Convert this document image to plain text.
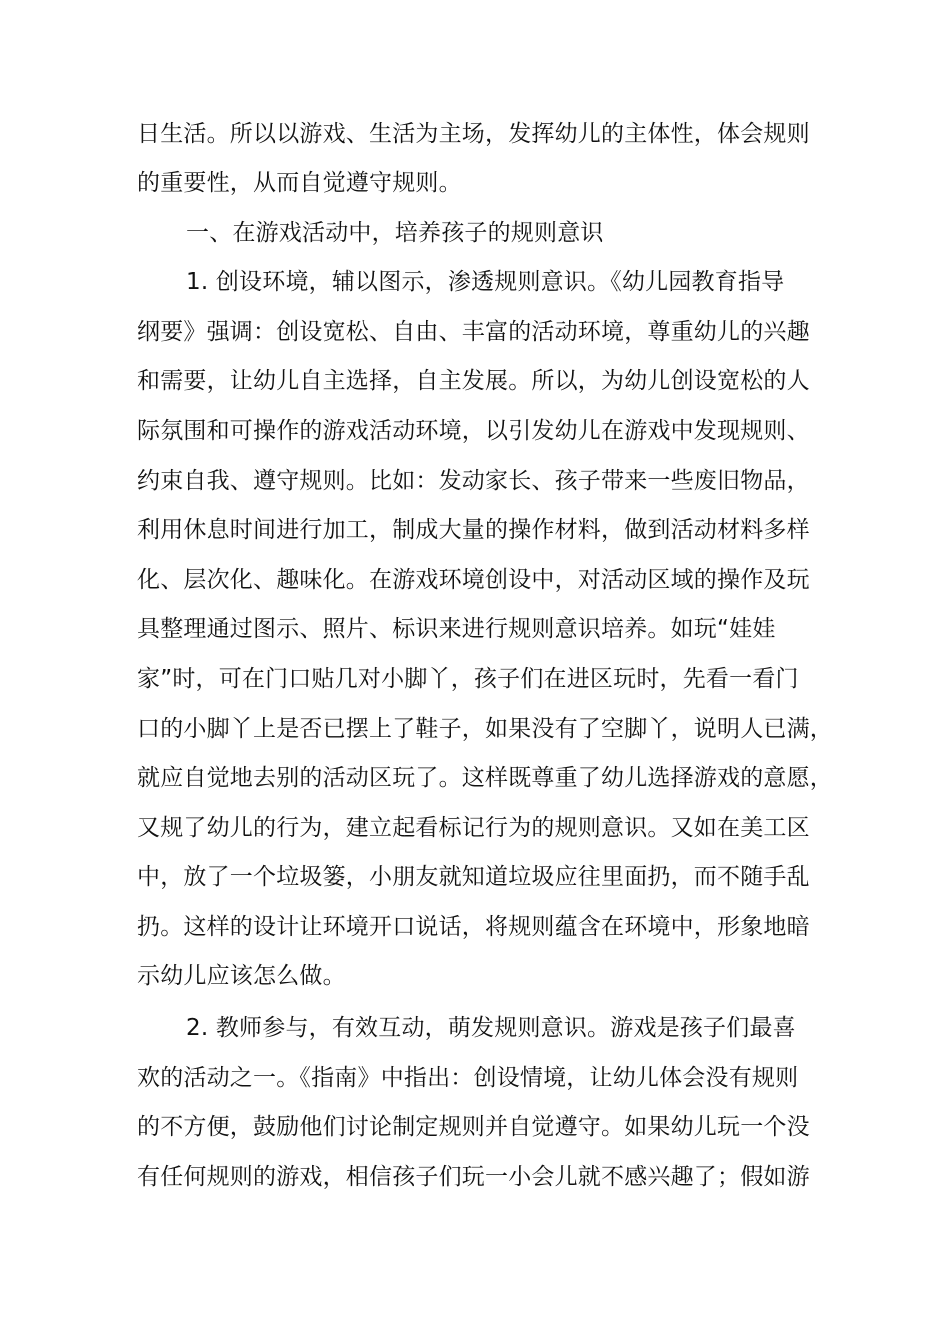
日生活。所以以游戏、生活为主场，发挥幼儿的主体性，体会规则
的重要性，从而自觉遵守规则。
一、在游戏活动中，培养孩子的规则意识
1. 创设环境，辅以图示，渗透规则意识。《幼儿园教育指导
纲要》强调：创设宽松、自由、丰富的活动环境，尊重幼儿的兴趣
和需要，让幼儿自主选择，自主发展。所以，为幼儿创设宽松的人
际氛围和可操作的游戏活动环境，以引发幼儿在游戏中发现规则、
约束自我、遵守规则。比如：发动家长、孩子带来一些废旧物品，
利用休息时间进行加工，制成大量的操作材料，做到活动材料多样
化、层次化、趣味化。在游戏环境创设中，对活动区域的操作及玩
具整理通过图示、照片、标识来进行规则意识培养。如玩“娃娃
家”时，可在门口贴几对小脚丫，孩子们在进区玩时，先看一看门
口的小脚丫上是否已摆上了鞋子，如果没有了空脚丫，说明人已满，
就应自觉地去别的活动区玩了。这样既尊重了幼儿选择游戏的意愿，
又规了幼儿的行为，建立起看标记行为的规则意识。又如在美工区
中，放了一个垃圾篓，小朋友就知道垃圾应往里面扔，而不随手乱
扔。这样的设计让环境开口说话，将规则蕴含在环境中，形象地暗
示幼儿应该怎么做。
2. 教师参与，有效互动，萌发规则意识。游戏是孩子们最喜
欢的活动之一。《指南》中指出：创设情境，让幼儿体会没有规则
的不方便，鼓励他们讨论制定规则并自觉遵守。如果幼儿玩一个没
有任何规则的游戏，相信孩子们玩一小会儿就不感兴趣了；假如游
